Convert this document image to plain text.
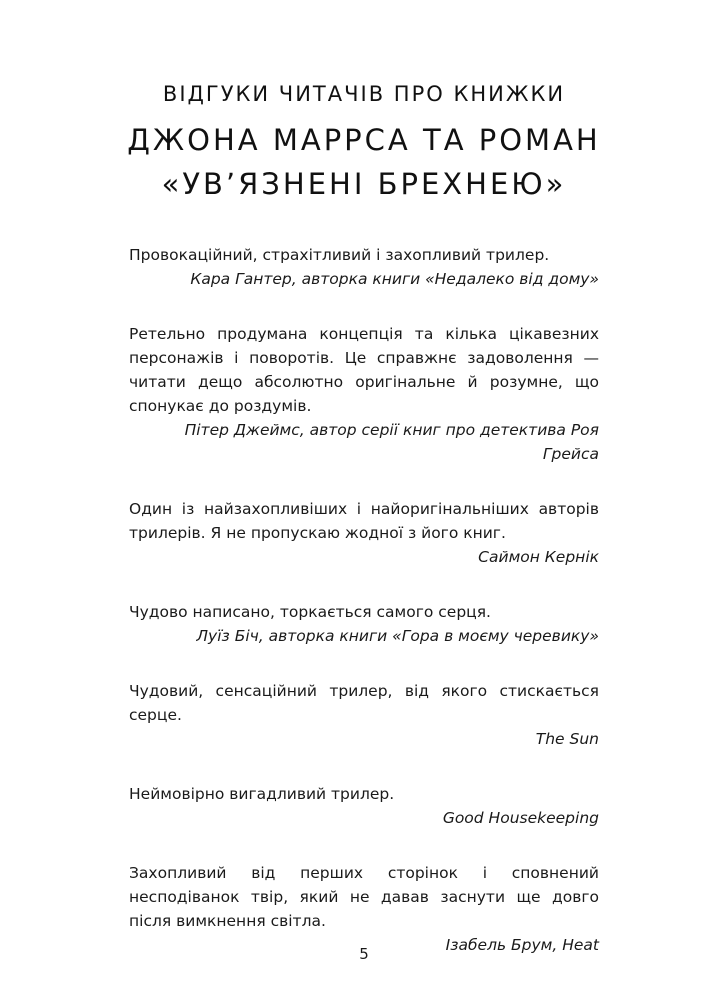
ВІДГУКИ ЧИТАЧІВ ПРО КНИЖКИ
ДЖОНА МАРРСА ТА РОМАН
«УВ’ЯЗНЕНІ БРЕХНЕЮ»

Провокаційний, страхітливий і захопливий трилер.

Кара Гантер, авторка книги «Недалеко від дому»

Ретельно продумана концепція та кілька цікавезних персонажів і поворотів. Це справжнє задоволення — читати дещо абсолютно оригінальне й розумне, що спонукає до роздумів.

Пітер Джеймс, автор серії книг про детектива Роя Грейса

Один із найзахопливіших і найоригінальніших авторів трилерів. Я не пропускаю жодної з його книг.

Саймон Кернік

Чудово написано, торкається самого серця.

Луїз Біч, авторка книги «Гора в моєму черевику»

Чудовий, сенсаційний трилер, від якого стискається серце.

The Sun

Неймовірно вигадливий трилер.

Good Housekeeping

Захопливий від перших сторінок і сповнений несподіванок твір, який не давав заснути ще довго після вимкнення світла.

Ізабель Брум, Heat

5
